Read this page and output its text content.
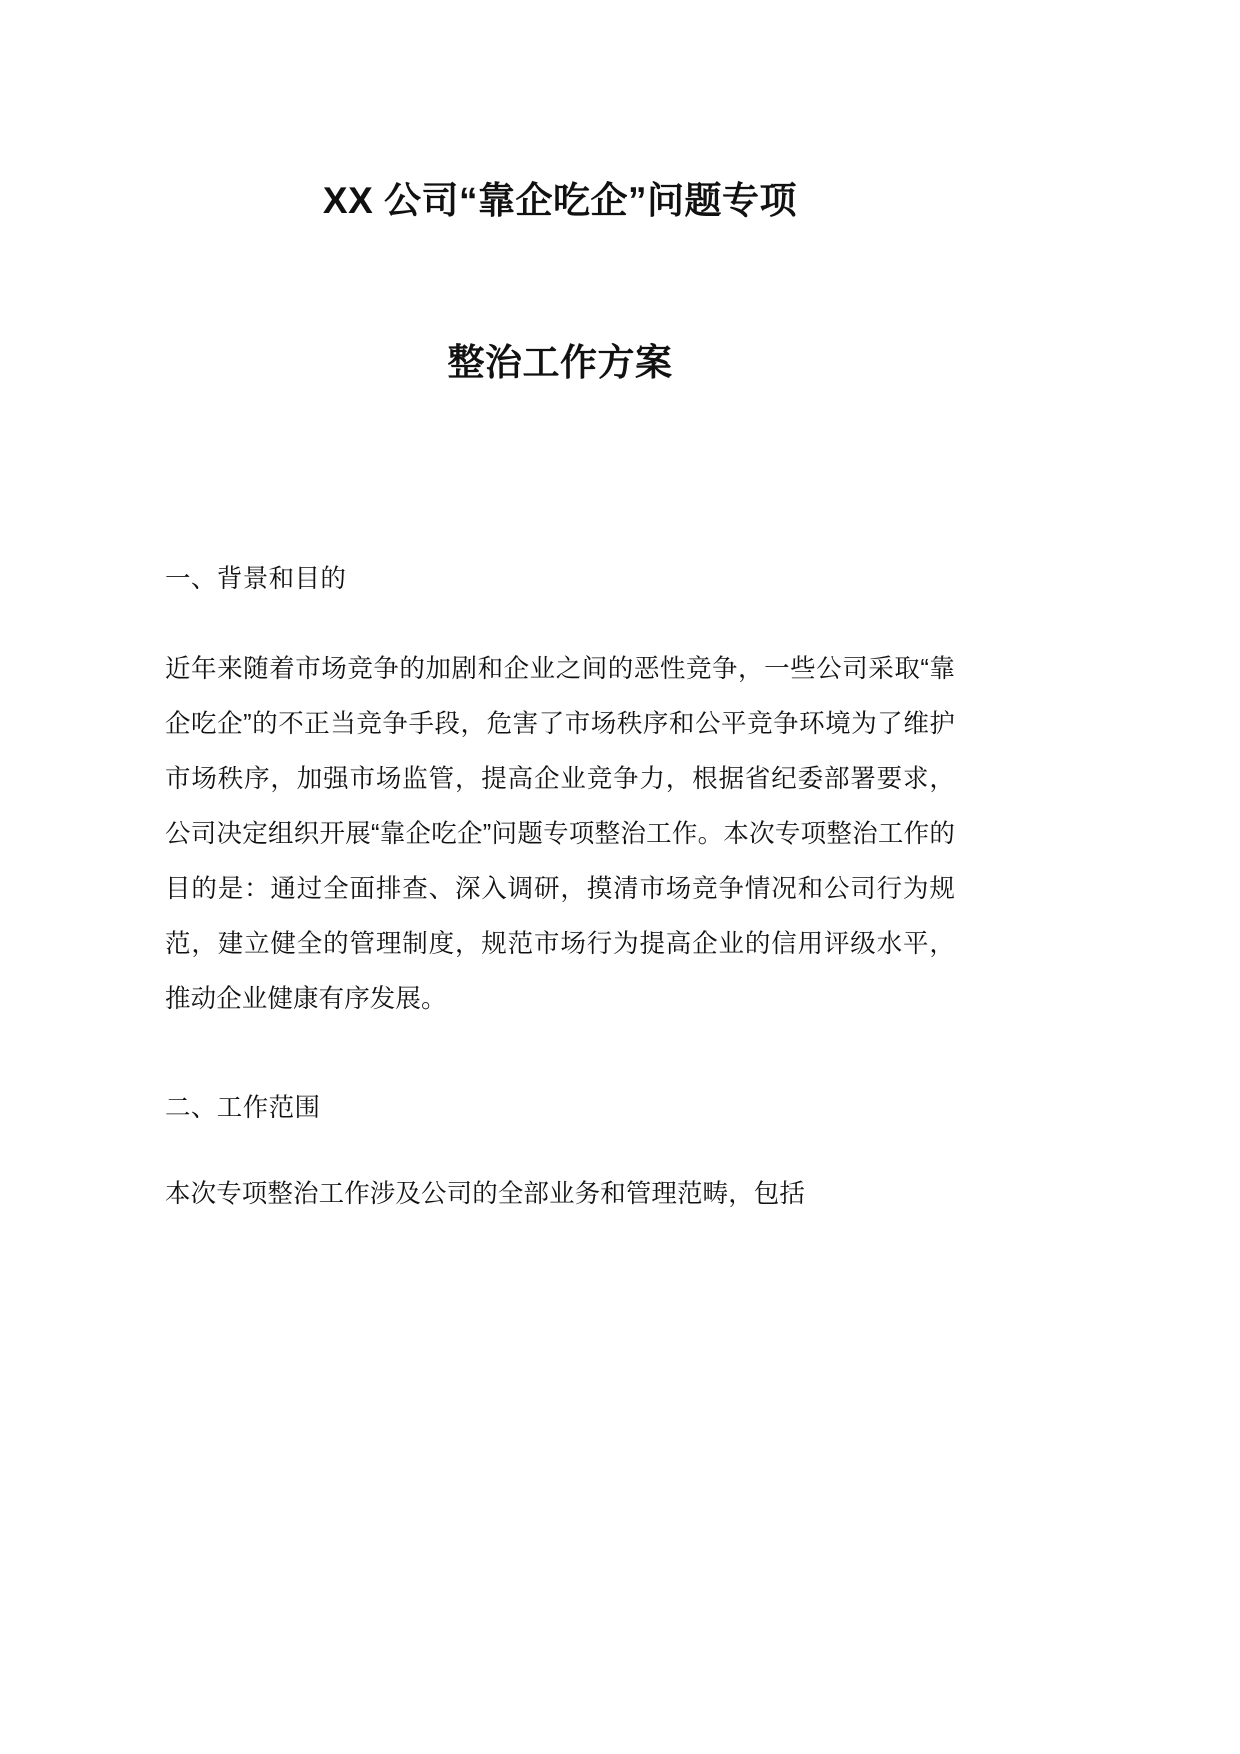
XX 公司“靠企吃企”问题专项
整治工作方案
一、背景和目的

近年来随着市场竞争的加剧和企业之间的恶性竞争，一些公司采取“靠企吃企”的不正当竞争手段，危害了市场秩序和公平竞争环境为了维护市场秩序，加强市场监管，提高企业竞争力，根据省纪委部署要求，公司决定组织开展“靠企吃企”问题专项整治工作。本次专项整治工作的目的是：通过全面排查、深入调研，摸清市场竞争情况和公司行为规范，建立健全的管理制度，规范市场行为提高企业的信用评级水平，推动企业健康有序发展。

二、工作范围

本次专项整治工作涉及公司的全部业务和管理范畴，包括
